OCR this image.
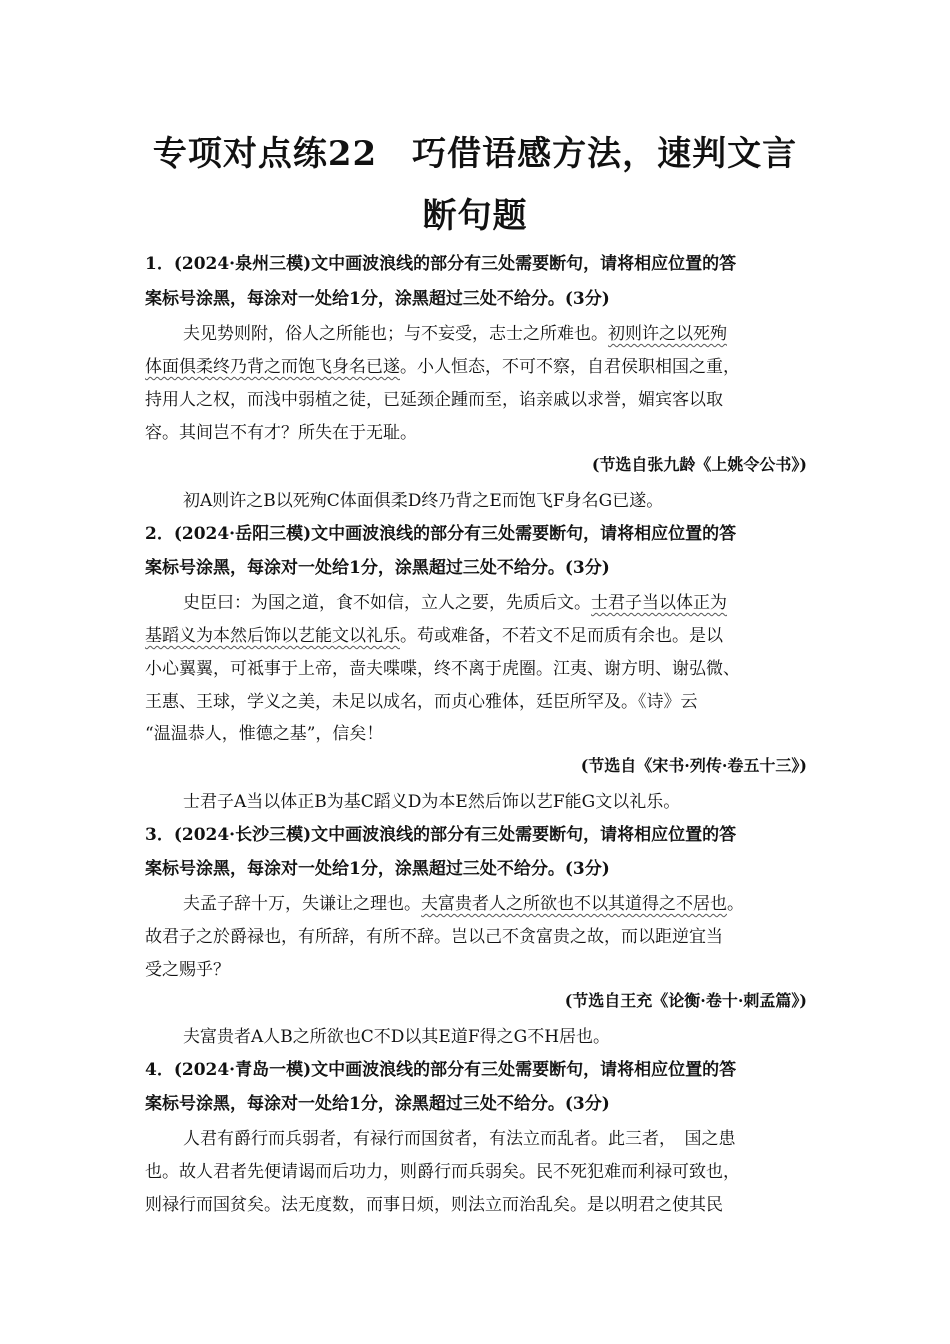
专项对点练22　巧借语感方法，速判文言
断句题
1．(2024·泉州三模)文中画波浪线的部分有三处需要断句，请将相应位置的答
案标号涂黑，每涂对一处给1分，涂黑超过三处不给分。(3分)
夫见势则附，俗人之所能也；与不妄受，志士之所难也。初则许之以死殉
体面俱柔终乃背之而饱飞身名已遂。小人恒态，不可不察，自君侯职相国之重，
持用人之权，而浅中弱植之徒，已延颈企踵而至，谄亲戚以求誉，媚宾客以取
容。其间岂不有才？所失在于无耻。
(节选自张九龄《上姚令公书》)
初A则许之B以死殉C体面俱柔D终乃背之E而饱飞F身名G已遂。
2．(2024·岳阳三模)文中画波浪线的部分有三处需要断句，请将相应位置的答
案标号涂黑，每涂对一处给1分，涂黑超过三处不给分。(3分)
史臣曰：为国之道，食不如信，立人之要，先质后文。士君子当以体正为
基蹈义为本然后饰以艺能文以礼乐。苟或难备，不若文不足而质有余也。是以
小心翼翼，可祗事于上帝，啬夫喋喋，终不离于虎圈。江夷、谢方明、谢弘微、
王惠、王球，学义之美，未足以成名，而贞心雅体，廷臣所罕及。《诗》云
“温温恭人，惟德之基”，信矣！
(节选自《宋书·列传·卷五十三》)
士君子A当以体正B为基C蹈义D为本E然后饰以艺F能G文以礼乐。
3．(2024·长沙三模)文中画波浪线的部分有三处需要断句，请将相应位置的答
案标号涂黑，每涂对一处给1分，涂黑超过三处不给分。(3分)
夫孟子辞十万，失谦让之理也。夫富贵者人之所欲也不以其道得之不居也。
故君子之於爵禄也，有所辞，有所不辞。岂以己不贪富贵之故，而以距逆宜当
受之赐乎？
(节选自王充《论衡·卷十·刺孟篇》)
夫富贵者A人B之所欲也C不D以其E道F得之G不H居也。
4．(2024·青岛一模)文中画波浪线的部分有三处需要断句，请将相应位置的答
案标号涂黑，每涂对一处给1分，涂黑超过三处不给分。(3分)
人君有爵行而兵弱者，有禄行而国贫者，有法立而乱者。此三者，　国之患
也。故人君者先便请谒而后功力，则爵行而兵弱矣。民不死犯难而利禄可致也，
则禄行而国贫矣。法无度数，而事日烦，则法立而治乱矣。是以明君之使其民
